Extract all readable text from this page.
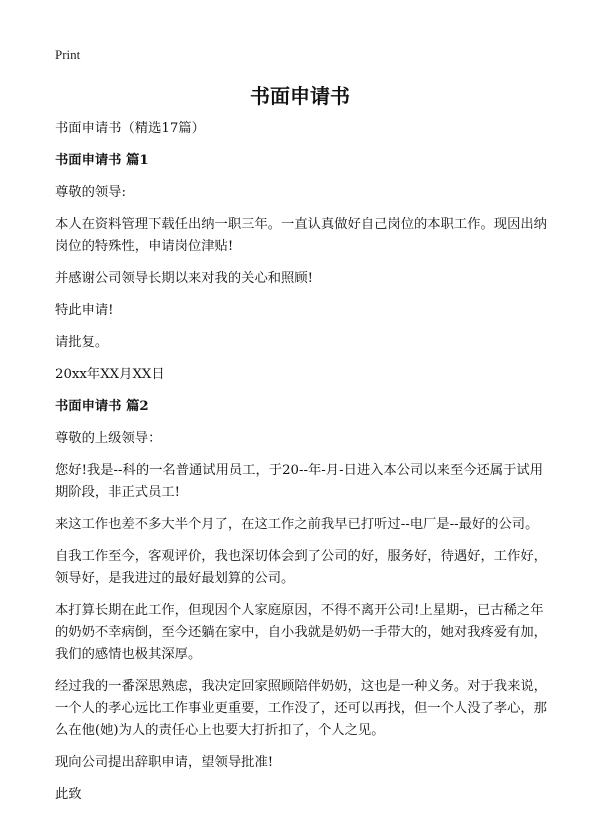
Print
书面申请书
书面申请书（精选17篇）
书面申请书 篇1
尊敬的领导:
本人在资料管理下载任出纳一职三年。一直认真做好自己岗位的本职工作。现因出纳岗位的特殊性，申请岗位津贴!
并感谢公司领导长期以来对我的关心和照顾!
特此申请!
请批复。
20xx年XX月XX日
书面申请书 篇2
尊敬的上级领导：
您好!我是--科的一名普通试用员工，于20--年-月-日进入本公司以来至今还属于试用期阶段，非正式员工!
来这工作也差不多大半个月了，在这工作之前我早已打听过--电厂是--最好的公司。
自我工作至今，客观评价，我也深切体会到了公司的好，服务好，待遇好，工作好，领导好，是我进过的最好最划算的公司。
本打算长期在此工作，但现因个人家庭原因，不得不离开公司!上星期-，已古稀之年的奶奶不幸病倒，至今还躺在家中，自小我就是奶奶一手带大的，她对我疼爱有加，我们的感情也极其深厚。
经过我的一番深思熟虑，我决定回家照顾陪伴奶奶，这也是一种义务。对于我来说，一个人的孝心远比工作事业更重要，工作没了，还可以再找，但一个人没了孝心，那么在他(她)为人的责任心上也要大打折扣了，个人之见。
现向公司提出辞职申请，望领导批准!
此致
